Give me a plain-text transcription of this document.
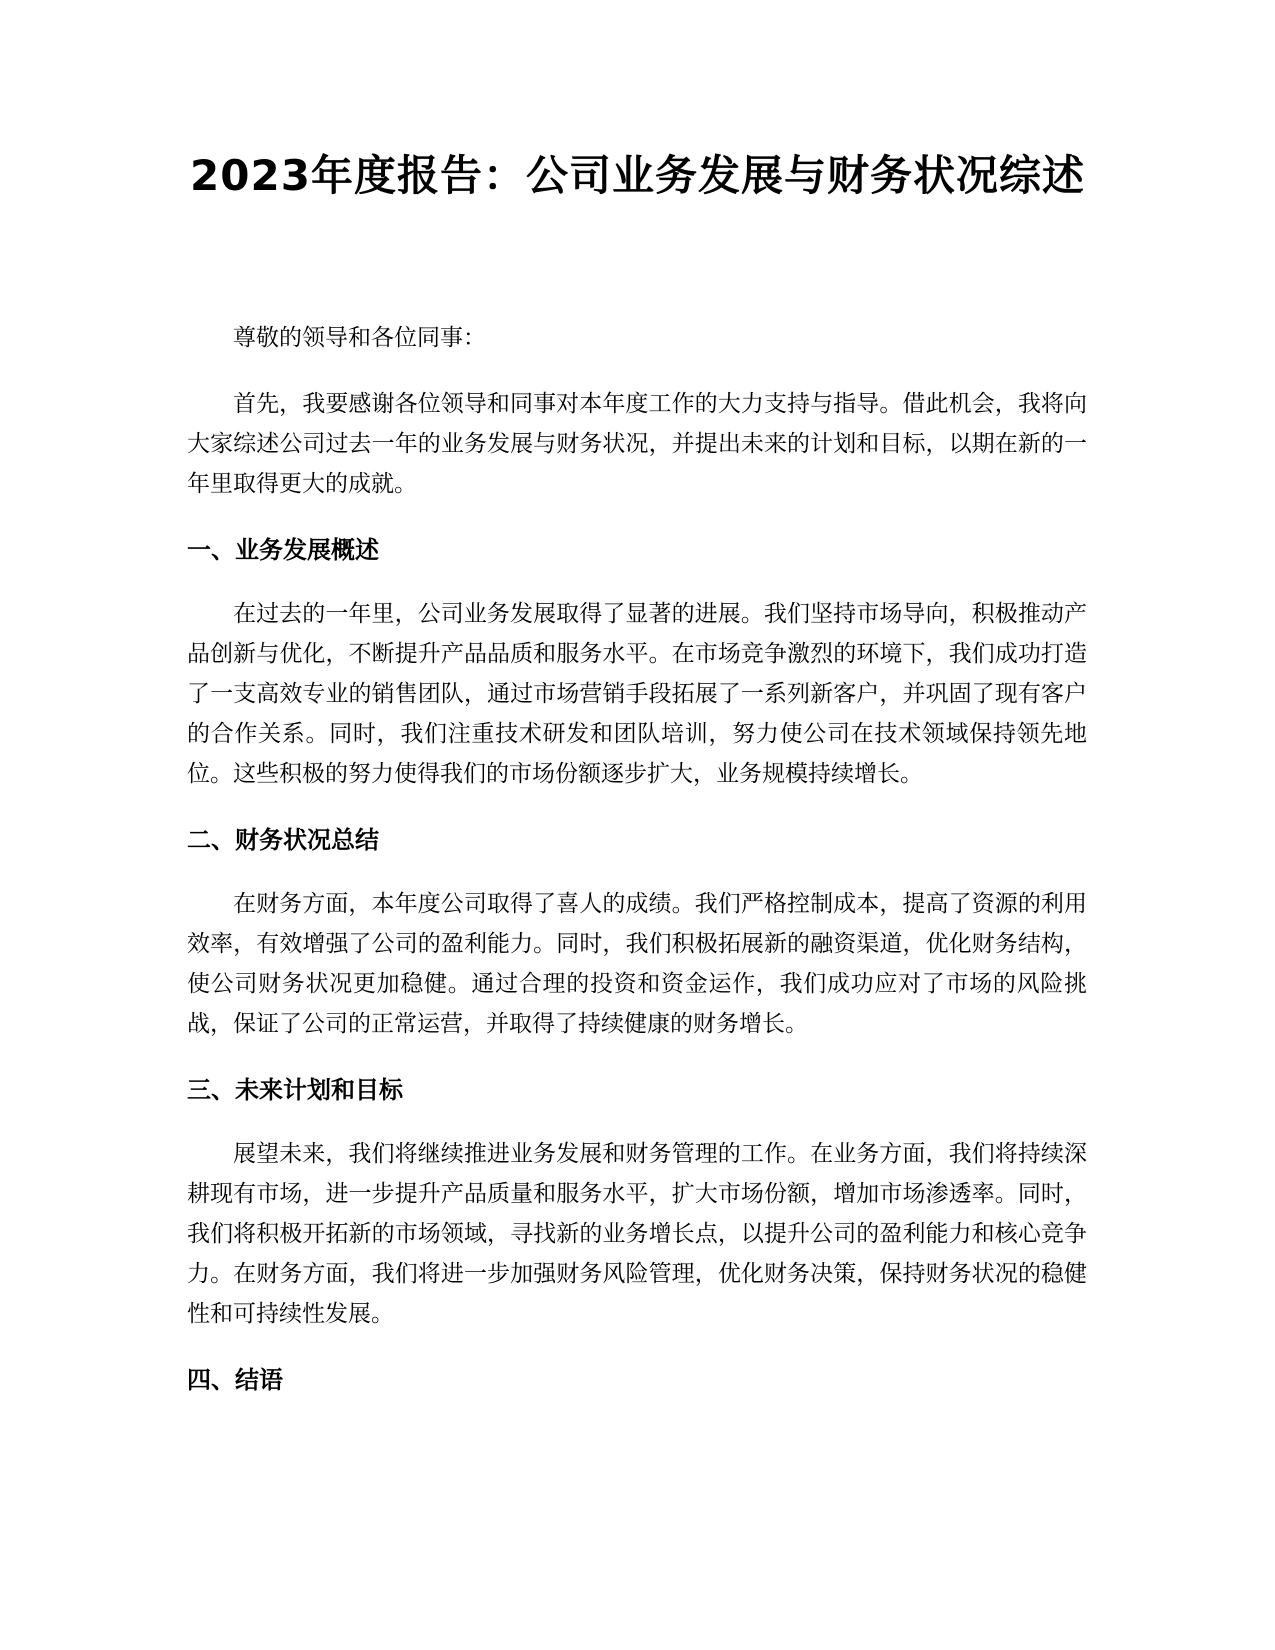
2023年度报告：公司业务发展与财务状况综述

尊敬的领导和各位同事：

首先，我要感谢各位领导和同事对本年度工作的大力支持与指导。借此机会，我将向大家综述公司过去一年的业务发展与财务状况，并提出未来的计划和目标，以期在新的一年里取得更大的成就。

一、业务发展概述

在过去的一年里，公司业务发展取得了显著的进展。我们坚持市场导向，积极推动产品创新与优化，不断提升产品品质和服务水平。在市场竞争激烈的环境下，我们成功打造了一支高效专业的销售团队，通过市场营销手段拓展了一系列新客户，并巩固了现有客户的合作关系。同时，我们注重技术研发和团队培训，努力使公司在技术领域保持领先地位。这些积极的努力使得我们的市场份额逐步扩大，业务规模持续增长。

二、财务状况总结

在财务方面，本年度公司取得了喜人的成绩。我们严格控制成本，提高了资源的利用效率，有效增强了公司的盈利能力。同时，我们积极拓展新的融资渠道，优化财务结构，使公司财务状况更加稳健。通过合理的投资和资金运作，我们成功应对了市场的风险挑战，保证了公司的正常运营，并取得了持续健康的财务增长。

三、未来计划和目标

展望未来，我们将继续推进业务发展和财务管理的工作。在业务方面，我们将持续深耕现有市场，进一步提升产品质量和服务水平，扩大市场份额，增加市场渗透率。同时，我们将积极开拓新的市场领域，寻找新的业务增长点，以提升公司的盈利能力和核心竞争力。在财务方面，我们将进一步加强财务风险管理，优化财务决策，保持财务状况的稳健性和可持续性发展。

四、结语
